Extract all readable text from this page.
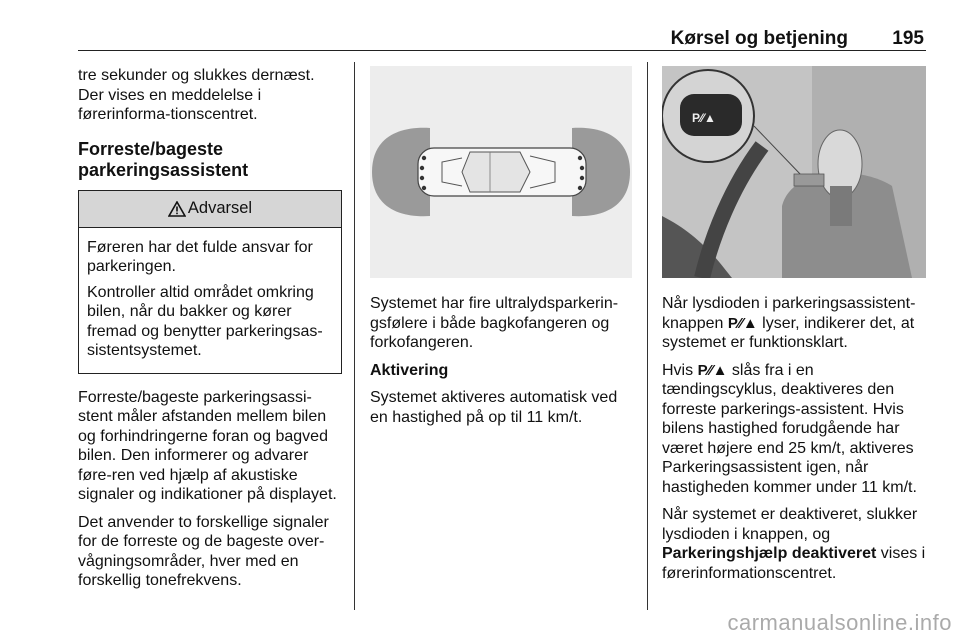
Kørsel og betjening 195

tre sekunder og slukkes dernæst. Der vises en meddelelse i førerinforma-tionscentret.

Forreste/bageste parkeringsassistent
Advarsel

Føreren har det fulde ansvar for parkeringen.

Kontroller altid området omkring bilen, når du bakker og kører fremad og benytter parkeringsas-sistentsystemet.

Forreste/bageste parkeringsassi-stent måler afstanden mellem bilen og forhindringerne foran og bagved bilen. Den informerer og advarer føre-ren ved hjælp af akustiske signaler og indikationer på displayet.

Det anvender to forskellige signaler for de forreste og de bageste over-vågningsområder, hver med en forskellig tonefrekvens.

Systemet har fire ultralydsparkerin-gsfølere i både bagkofangeren og forkofangeren.

Aktivering

Systemet aktiveres automatisk ved en hastighed på op til 11 km/t.

P⁄⁄▲

Når lysdioden i parkeringsassistent-knappen P⁄⁄▲ lyser, indikerer det, at systemet er funktionsklart.

Hvis P⁄⁄▲ slås fra i en tændingscyklus, deaktiveres den forreste parkerings-assistent. Hvis bilens hastighed forudgående har været højere end 25 km/t, aktiveres Parkeringsassistent igen, når hastigheden kommer under 11 km/t.

Når systemet er deaktiveret, slukker lysdioden i knappen, og Parkeringshjælp deaktiveret vises i førerinformationscentret.

carmanualsonline.info
